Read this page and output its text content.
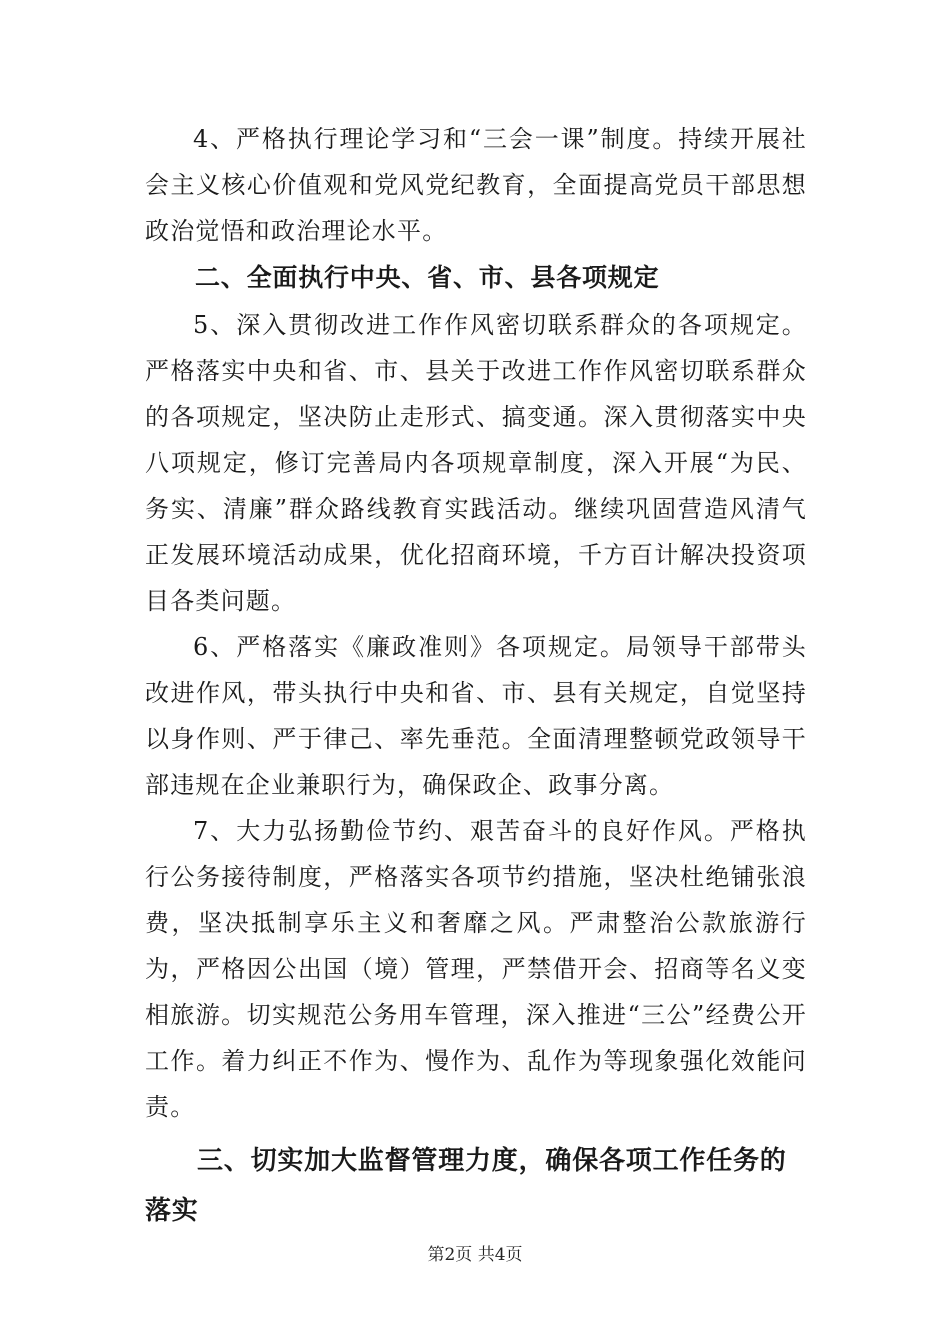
4、严格执行理论学习和“三会一课”制度。持续开展社会主义核心价值观和党风党纪教育，全面提高党员干部思想政治觉悟和政治理论水平。

二、全面执行中央、省、市、县各项规定

5、深入贯彻改进工作作风密切联系群众的各项规定。严格落实中央和省、市、县关于改进工作作风密切联系群众的各项规定，坚决防止走形式、搞变通。深入贯彻落实中央八项规定，修订完善局内各项规章制度，深入开展“为民、务实、清廉”群众路线教育实践活动。继续巩固营造风清气正发展环境活动成果，优化招商环境，千方百计解决投资项目各类问题。

6、严格落实《廉政准则》各项规定。局领导干部带头改进作风，带头执行中央和省、市、县有关规定，自觉坚持以身作则、严于律己、率先垂范。全面清理整顿党政领导干部违规在企业兼职行为，确保政企、政事分离。

7、大力弘扬勤俭节约、艰苦奋斗的良好作风。严格执行公务接待制度，严格落实各项节约措施，坚决杜绝铺张浪费，坚决抵制享乐主义和奢靡之风。严肃整治公款旅游行为，严格因公出国（境）管理，严禁借开会、招商等名义变相旅游。切实规范公务用车管理，深入推进“三公”经费公开工作。着力纠正不作为、慢作为、乱作为等现象强化效能问责。

三、切实加大监督管理力度，确保各项工作任务的落实

第2页 共4页
